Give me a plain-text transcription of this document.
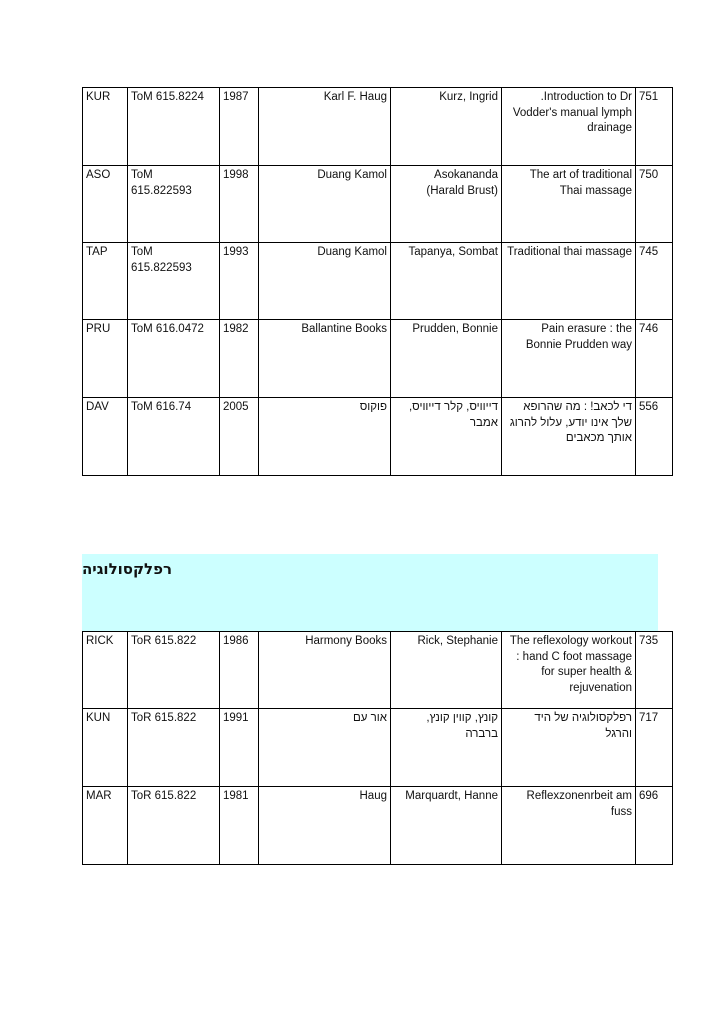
KUR	ToM 615.8224	1987	Karl F. Haug	Kurz, Ingrid	.Introduction to Dr Vodder's manual lymph drainage	751
ASO	ToM 615.822593	1998	Duang Kamol	Asokananda (Harald Brust)	The art of traditional Thai massage	750
TAP	ToM 615.822593	1993	Duang Kamol	Tapanya, Sombat	Traditional thai massage	745
PRU	ToM 616.0472	1982	Ballantine Books	Prudden, Bonnie	Pain erasure : the Bonnie Prudden way	746
DAV	ToM 616.74	2005	פוקוס	דייוויס, קלר דייוויס, אמבר	די לכאב! : מה שהרופא שלך אינו יודע, עלול להרוג אותך מכאבים	556
רפלקסולוגיה
RICK	ToR 615.822	1986	Harmony Books	Rick, Stephanie	The reflexology workout : hand C foot massage for super health & rejuvenation	735
KUN	ToR 615.822	1991	אור עם	קונץ, קווין קונץ, ברברה	רפלקסולוגיה של היד והרגל	717
MAR	ToR 615.822	1981	Haug	Marquardt, Hanne	Reflexzonenrbeit am fuss	696
